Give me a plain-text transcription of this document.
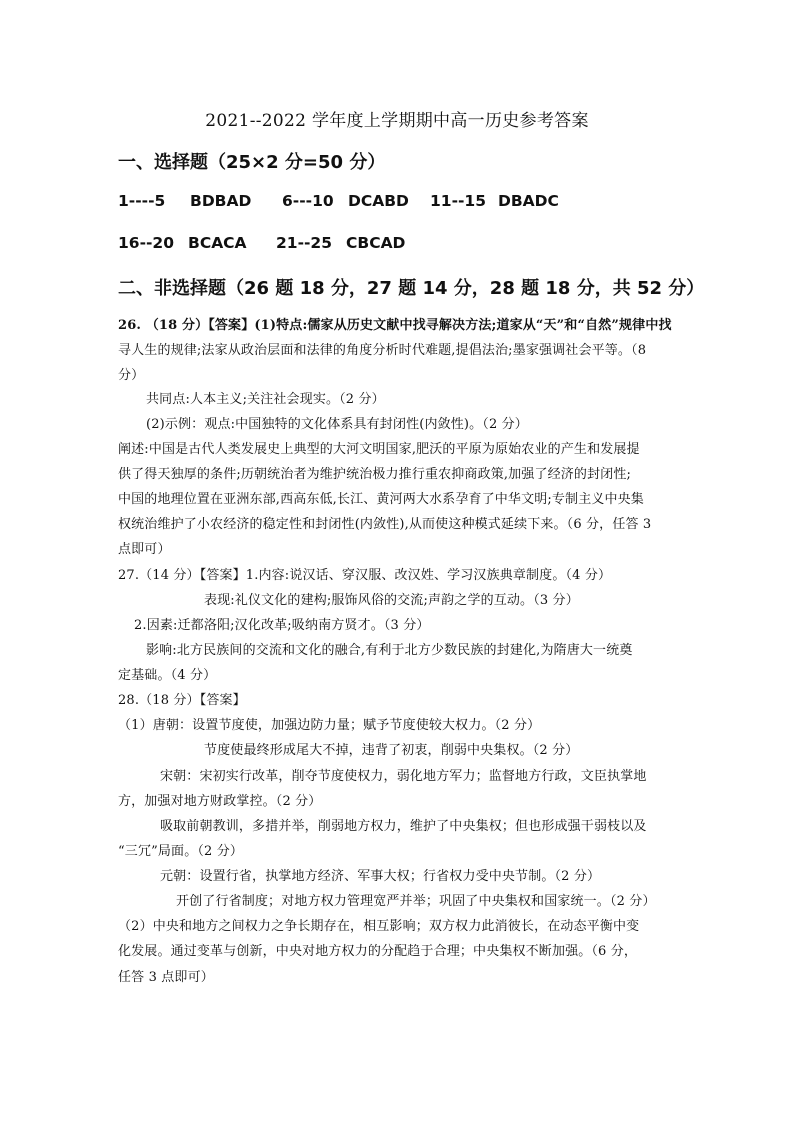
2021--2022 学年度上学期期中高一历史参考答案
一、选择题（25×2 分=50 分）
1----5 BDBAD 6---10 DCABD 11--15 DBADC
16--20 BCACA 21--25 CBCAD
二、非选择题（26 题 18 分，27 题 14 分，28 题 18 分，共 52 分）
26. （18 分）【答案】(1)特点:儒家从历史文献中找寻解决方法;道家从“天”和“自然”规律中找
寻人生的规律;法家从政治层面和法律的角度分析时代难题,提倡法治;墨家强调社会平等。（8
分）
共同点:人本主义;关注社会现实。（2 分）
(2)示例：观点:中国独特的文化体系具有封闭性(内敛性)。（2 分）
阐述:中国是古代人类发展史上典型的大河文明国家,肥沃的平原为原始农业的产生和发展提
供了得天独厚的条件;历朝统治者为维护统治极力推行重农抑商政策,加强了经济的封闭性;
中国的地理位置在亚洲东部,西高东低,长江、黄河两大水系孕育了中华文明;专制主义中央集
权统治维护了小农经济的稳定性和封闭性(内敛性),从而使这种模式延续下来。（6 分，任答 3
点即可）
27.（14 分）【答案】1.内容:说汉话、穿汉服、改汉姓、学习汉族典章制度。（4 分）
表现:礼仪文化的建构;服饰风俗的交流;声韵之学的互动。（3 分）
2.因素:迁都洛阳;汉化改革;吸纳南方贤才。（3 分）
影响:北方民族间的交流和文化的融合,有利于北方少数民族的封建化,为隋唐大一统奠
定基础。（4 分）
28.（18 分）【答案】
（1）唐朝：设置节度使，加强边防力量；赋予节度使较大权力。（2 分）
节度使最终形成尾大不掉，违背了初衷，削弱中央集权。（2 分）
宋朝：宋初实行改革，削夺节度使权力，弱化地方军力；监督地方行政，文臣执掌地
方，加强对地方财政掌控。（2 分）
吸取前朝教训，多措并举，削弱地方权力，维护了中央集权；但也形成强干弱枝以及
“三冗”局面。（2 分）
元朝：设置行省，执掌地方经济、军事大权；行省权力受中央节制。（2 分）
开创了行省制度；对地方权力管理宽严并举；巩固了中央集权和国家统一。（2 分）
（2）中央和地方之间权力之争长期存在，相互影响；双方权力此消彼长，在动态平衡中变
化发展。通过变革与创新，中央对地方权力的分配趋于合理；中央集权不断加强。（6 分，
任答 3 点即可）
